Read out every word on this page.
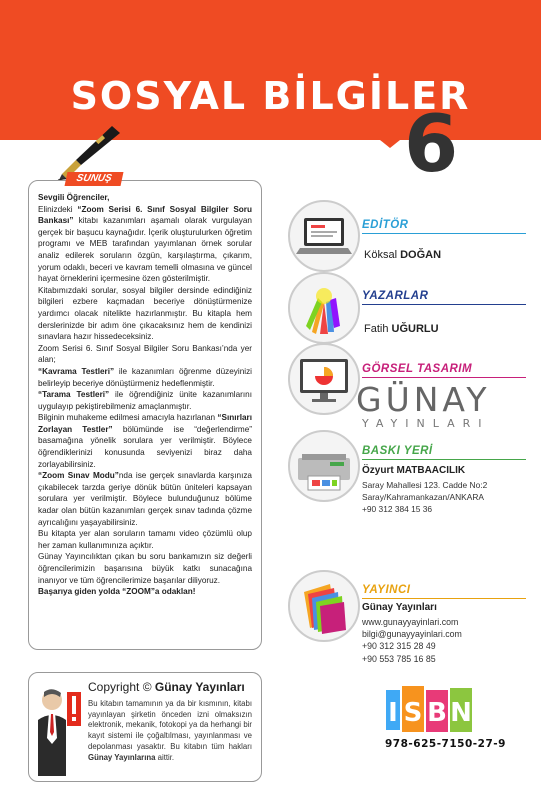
SOSYAL BİLGİLER
6
SUNUŞ

Sevgili Öğrenciler,

Elinizdeki “Zoom Serisi 6. Sınıf Sosyal Bilgiler Soru Bankası” kitabı kazanımları aşamalı olarak vurgulayan gerçek bir başucu kaynağıdır. İçerik oluşturulurken öğretim programı ve MEB tarafından yayımlanan örnek sorular analiz edilerek soruların özgün, karşılaştırma, çıkarım, yorum odaklı, beceri ve kavram temelli olmasına ve güncel hayat örneklerini içermesine özen gösterilmiştir.

Kitabımızdaki sorular, sosyal bilgiler dersinde edindiğiniz bilgileri ezbere kaçmadan beceriye dönüştürmenize yardımcı olacak nitelikte hazırlanmıştır. Bu kitapla hem derslerinizde bir adım öne çıkacaksınız hem de kendinizi sınavlara hazır hissedeceksiniz.

Zoom Serisi 6. Sınıf Sosyal Bilgiler Soru Bankası’nda yer alan;

“Kavrama Testleri” ile kazanımları öğrenme düzeyinizi belirleyip beceriye dönüştürmeniz hedeflenmiştir.

“Tarama Testleri” ile öğrendiğiniz ünite kazanımlarını uygulayıp pekiştirebilmeniz amaçlanmıştır.

Bilginin muhakeme edilmesi amacıyla hazırlanan “Sınırları Zorlayan Testler” bölümünde ise “değerlendirme” basamağına yönelik sorulara yer verilmiştir. Böylece öğrendiklerinizi konusunda seviyenizi biraz daha zorlayabilirsiniz.

“Zoom Sınav Modu”nda ise gerçek sınavlarda karşınıza çıkabilecek tarzda geriye dönük bütün üniteleri kapsayan sorulara yer verilmiştir. Böylece bulunduğunuz bölüme kadar olan bütün kazanımları gerçek sınav tadında çözme ayrıcalığını yaşayabilirsiniz.

Bu kitapta yer alan soruların tamamı video çözümlü olup her zaman kullanımınıza açıktır.

Günay Yayıncılıktan çıkan bu soru bankamızın siz değerli öğrencilerimizin başarısına büyük katkı sunacağına inanıyor ve tüm öğrencilerimize başarılar diliyoruz.

Başarıya giden yolda “ZOOM”a odaklan!

Copyright © Günay Yayınları
Bu kitabın tamamının ya da bir kısmının, kitabı yayınlayan şirketin önceden izni olmaksızın elektronik, mekanik, fotokopi ya da herhangi bir kayıt sistemi ile çoğaltılması, yayınlanması ve depolanması yasaktır. Bu kitabın tüm hakları Günay Yayınlarına aittir.
EDİTÖR
Köksal DOĞAN
YAZARLAR
Fatih UĞURLU
GÖRSEL TASARIM
GÜNAY
YAYINLARI
BASKI YERİ
Özyurt MATBAACILIK
Saray Mahallesi 123. Cadde No:2
Saray/Kahramankazan/ANKARA
+90 312 384 15 36
YAYINCI
Günay Yayınları
www.gunayyayinlari.com
bilgi@gunayyayinlari.com
+90 312 315 28 49
+90 553 785 16 85
I S B N
978-625-7150-27-9
